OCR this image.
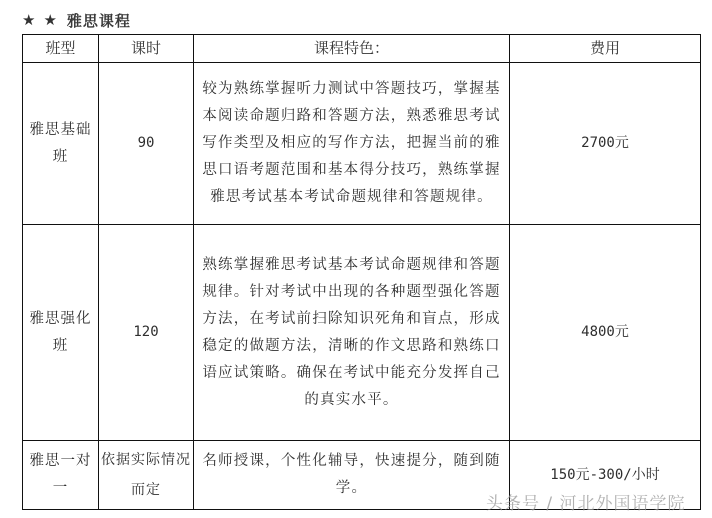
★ ★ 雅思课程
班型	课时	课程特色：	费用
雅思基础班	90	较为熟练掌握听力测试中答题技巧，掌握基本阅读命题归路和答题方法，熟悉雅思考试写作类型及相应的写作方法，把握当前的雅思口语考题范围和基本得分技巧，熟练掌握雅思考试基本考试命题规律和答题规律。	2700元
雅思强化班	120	熟练掌握雅思考试基本考试命题规律和答题规律。针对考试中出现的各种题型强化答题方法，在考试前扫除知识死角和盲点，形成稳定的做题方法，清晰的作文思路和熟练口语应试策略。确保在考试中能充分发挥自己的真实水平。	4800元
雅思一对一	依据实际情况而定	名师授课，个性化辅导，快速提分，随到随学。	150元-300/小时
头条号 / 河北外国语学院
